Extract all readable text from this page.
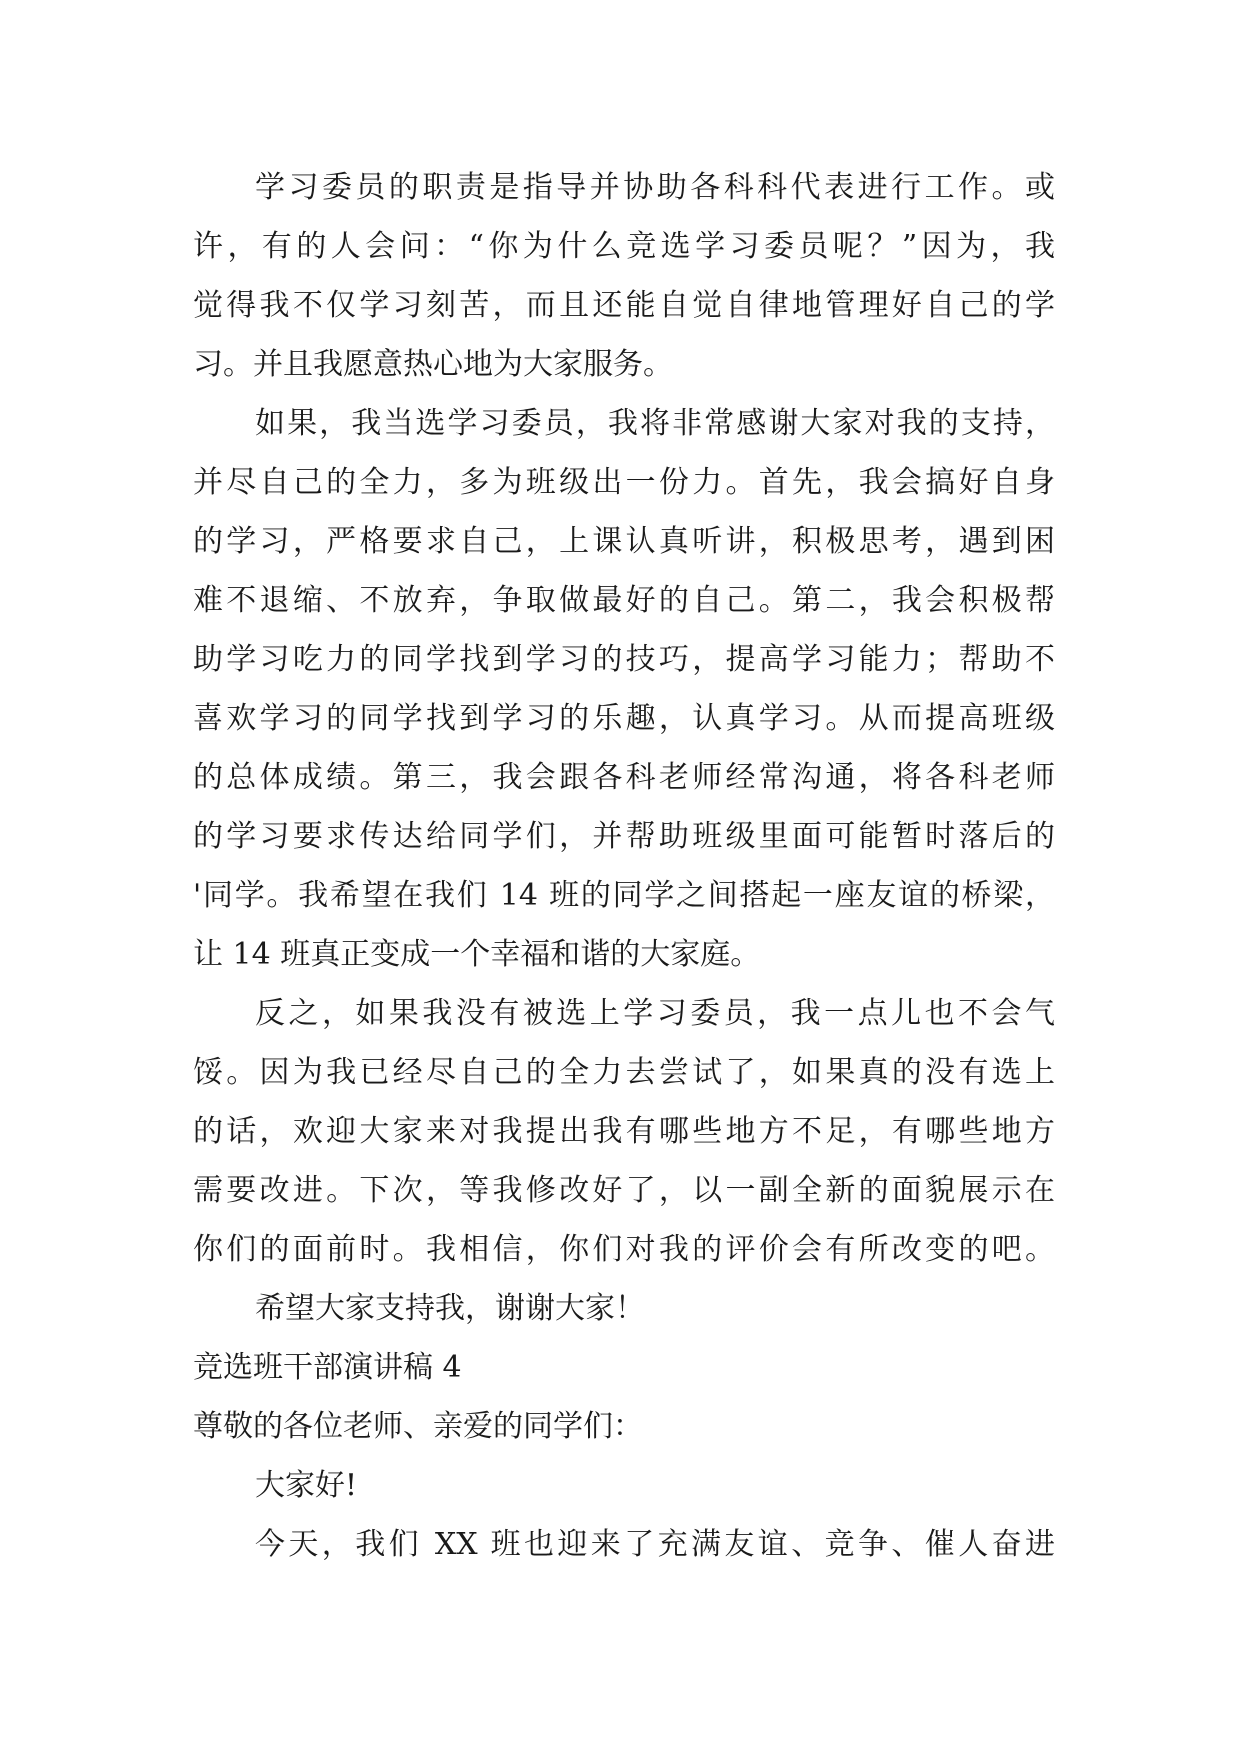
学习委员的职责是指导并协助各科科代表进行工作。或
许，有的人会问：“你为什么竞选学习委员呢？”因为，我
觉得我不仅学习刻苦，而且还能自觉自律地管理好自己的学
习。并且我愿意热心地为大家服务。
如果，我当选学习委员，我将非常感谢大家对我的支持，
并尽自己的全力，多为班级出一份力。首先，我会搞好自身
的学习，严格要求自己，上课认真听讲，积极思考，遇到困
难不退缩、不放弃，争取做最好的自己。第二，我会积极帮
助学习吃力的同学找到学习的技巧，提高学习能力；帮助不
喜欢学习的同学找到学习的乐趣，认真学习。从而提高班级
的总体成绩。第三，我会跟各科老师经常沟通，将各科老师
的学习要求传达给同学们，并帮助班级里面可能暂时落后的
'同学。我希望在我们 14 班的同学之间搭起一座友谊的桥梁，
让 14 班真正变成一个幸福和谐的大家庭。
反之，如果我没有被选上学习委员，我一点儿也不会气
馁。因为我已经尽自己的全力去尝试了，如果真的没有选上
的话，欢迎大家来对我提出我有哪些地方不足，有哪些地方
需要改进。下次，等我修改好了，以一副全新的面貌展示在
你们的面前时。我相信，你们对我的评价会有所改变的吧。
希望大家支持我，谢谢大家！
竞选班干部演讲稿 4
尊敬的各位老师、亲爱的同学们：
大家好!
今天，我们 XX 班也迎来了充满友谊、竞争、催人奋进
